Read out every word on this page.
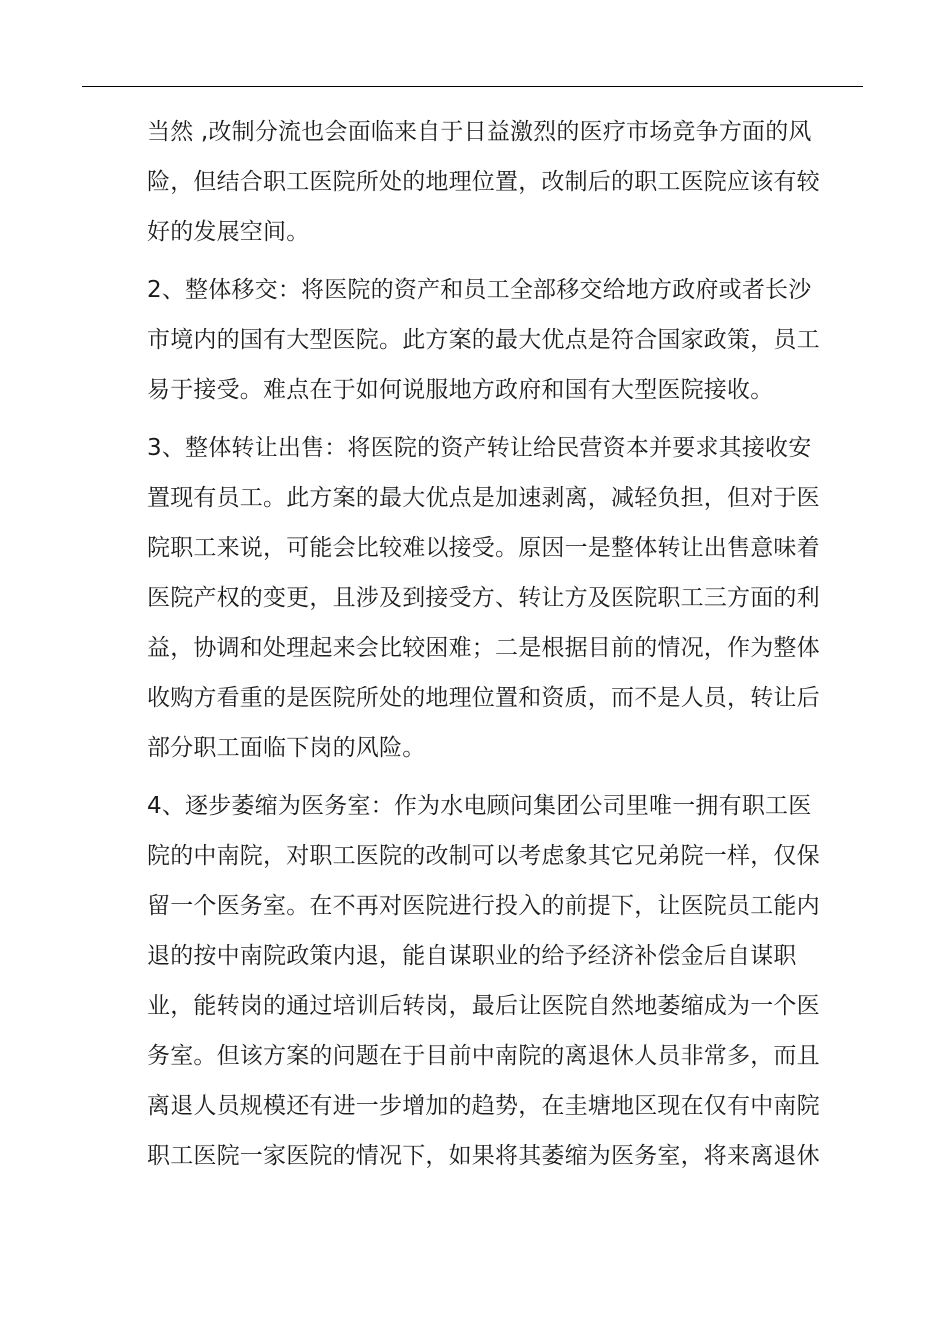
当然 ,改制分流也会面临来自于日益激烈的医疗市场竞争方面的风
险，但结合职工医院所处的地理位置，改制后的职工医院应该有较
好的发展空间。
2、整体移交：将医院的资产和员工全部移交给地方政府或者长沙
市境内的国有大型医院。此方案的最大优点是符合国家政策，员工
易于接受。难点在于如何说服地方政府和国有大型医院接收。
3、整体转让出售：将医院的资产转让给民营资本并要求其接收安
置现有员工。此方案的最大优点是加速剥离，减轻负担，但对于医
院职工来说，可能会比较难以接受。原因一是整体转让出售意味着
医院产权的变更，且涉及到接受方、转让方及医院职工三方面的利
益，协调和处理起来会比较困难；二是根据目前的情况，作为整体
收购方看重的是医院所处的地理位置和资质，而不是人员，转让后
部分职工面临下岗的风险。
4、逐步萎缩为医务室：作为水电顾问集团公司里唯一拥有职工医
院的中南院，对职工医院的改制可以考虑象其它兄弟院一样，仅保
留一个医务室。在不再对医院进行投入的前提下，让医院员工能内
退的按中南院政策内退，能自谋职业的给予经济补偿金后自谋职
业，能转岗的通过培训后转岗，最后让医院自然地萎缩成为一个医
务室。但该方案的问题在于目前中南院的离退休人员非常多，而且
离退人员规模还有进一步增加的趋势，在圭塘地区现在仅有中南院
职工医院一家医院的情况下，如果将其萎缩为医务室，将来离退休
